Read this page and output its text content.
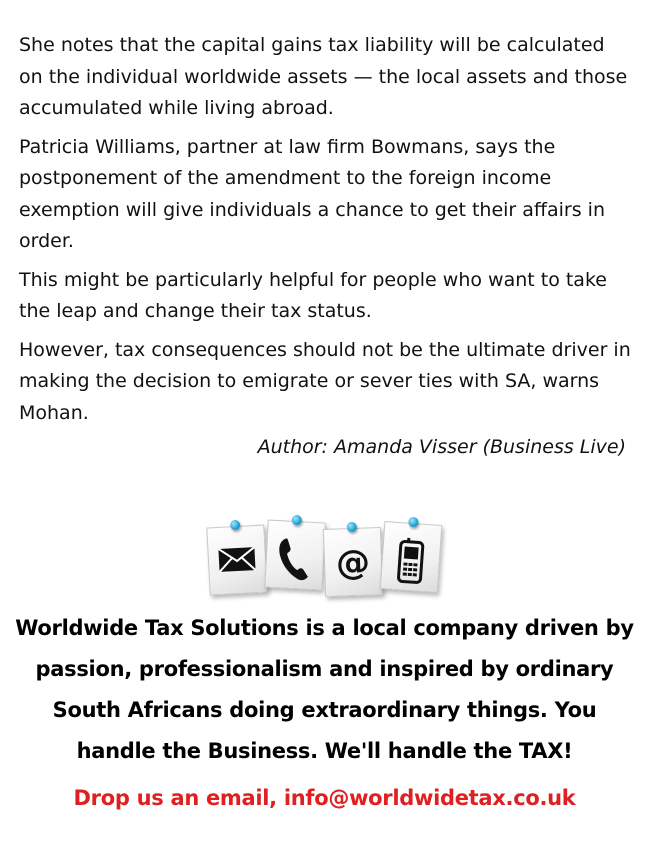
She notes that the capital gains tax liability will be calculated on the individual worldwide assets — the local assets and those accumulated while living abroad.

Patricia Williams, partner at law firm Bowmans, says the postponement of the amendment to the foreign income exemption will give individuals a chance to get their affairs in order.

This might be particularly helpful for people who want to take the leap and change their tax status.

However, tax consequences should not be the ultimate driver in making the decision to emigrate or sever ties with SA, warns Mohan.

Author: Amanda Visser (Business Live)
@
Worldwide Tax Solutions is a local company driven by passion, professionalism and inspired by ordinary South Africans doing extraordinary things. You handle the Business. We'll handle the TAX!
Drop us an email, info@worldwidetax.co.uk
